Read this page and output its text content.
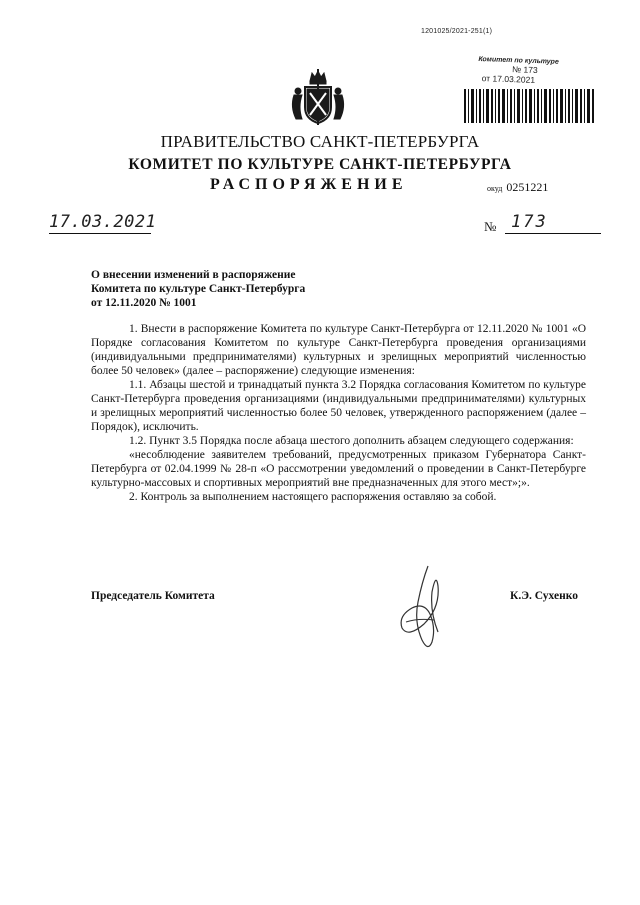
1201025/2021-251(1)
Комитет по культуре
№ 173
от 17.03.2021
ПРАВИТЕЛЬСТВО САНКТ-ПЕТЕРБУРГА
КОМИТЕТ ПО КУЛЬТУРЕ САНКТ-ПЕТЕРБУРГА
РАСПОРЯЖЕНИЕ	окуд 0251221
17.03.2021	№ 173
О внесении изменений в распоряжение
Комитета по культуре Санкт-Петербурга
от 12.11.2020 № 1001

1. Внести в распоряжение Комитета по культуре Санкт-Петербурга от 12.11.2020 № 1001 «О Порядке согласования Комитетом по культуре Санкт-Петербурга проведения организациями (индивидуальными предпринимателями) культурных и зрелищных мероприятий численностью более 50 человек» (далее – распоряжение) следующие изменения:

1.1. Абзацы шестой и тринадцатый пункта 3.2 Порядка согласования Комитетом по культуре Санкт-Петербурга проведения организациями (индивидуальными предпринимателями) культурных и зрелищных мероприятий численностью более 50 человек, утвержденного распоряжением (далее – Порядок), исключить.

1.2. Пункт 3.5 Порядка после абзаца шестого дополнить абзацем следующего содержания:

«несоблюдение заявителем требований, предусмотренных приказом Губернатора Санкт-Петербурга от 02.04.1999 № 28-п «О рассмотрении уведомлений о проведении в Санкт-Петербурге культурно-массовых и спортивных мероприятий вне предназначенных для этого мест»;».

2. Контроль за выполнением настоящего распоряжения оставляю за собой.

Председатель Комитета	К.Э. Сухенко
